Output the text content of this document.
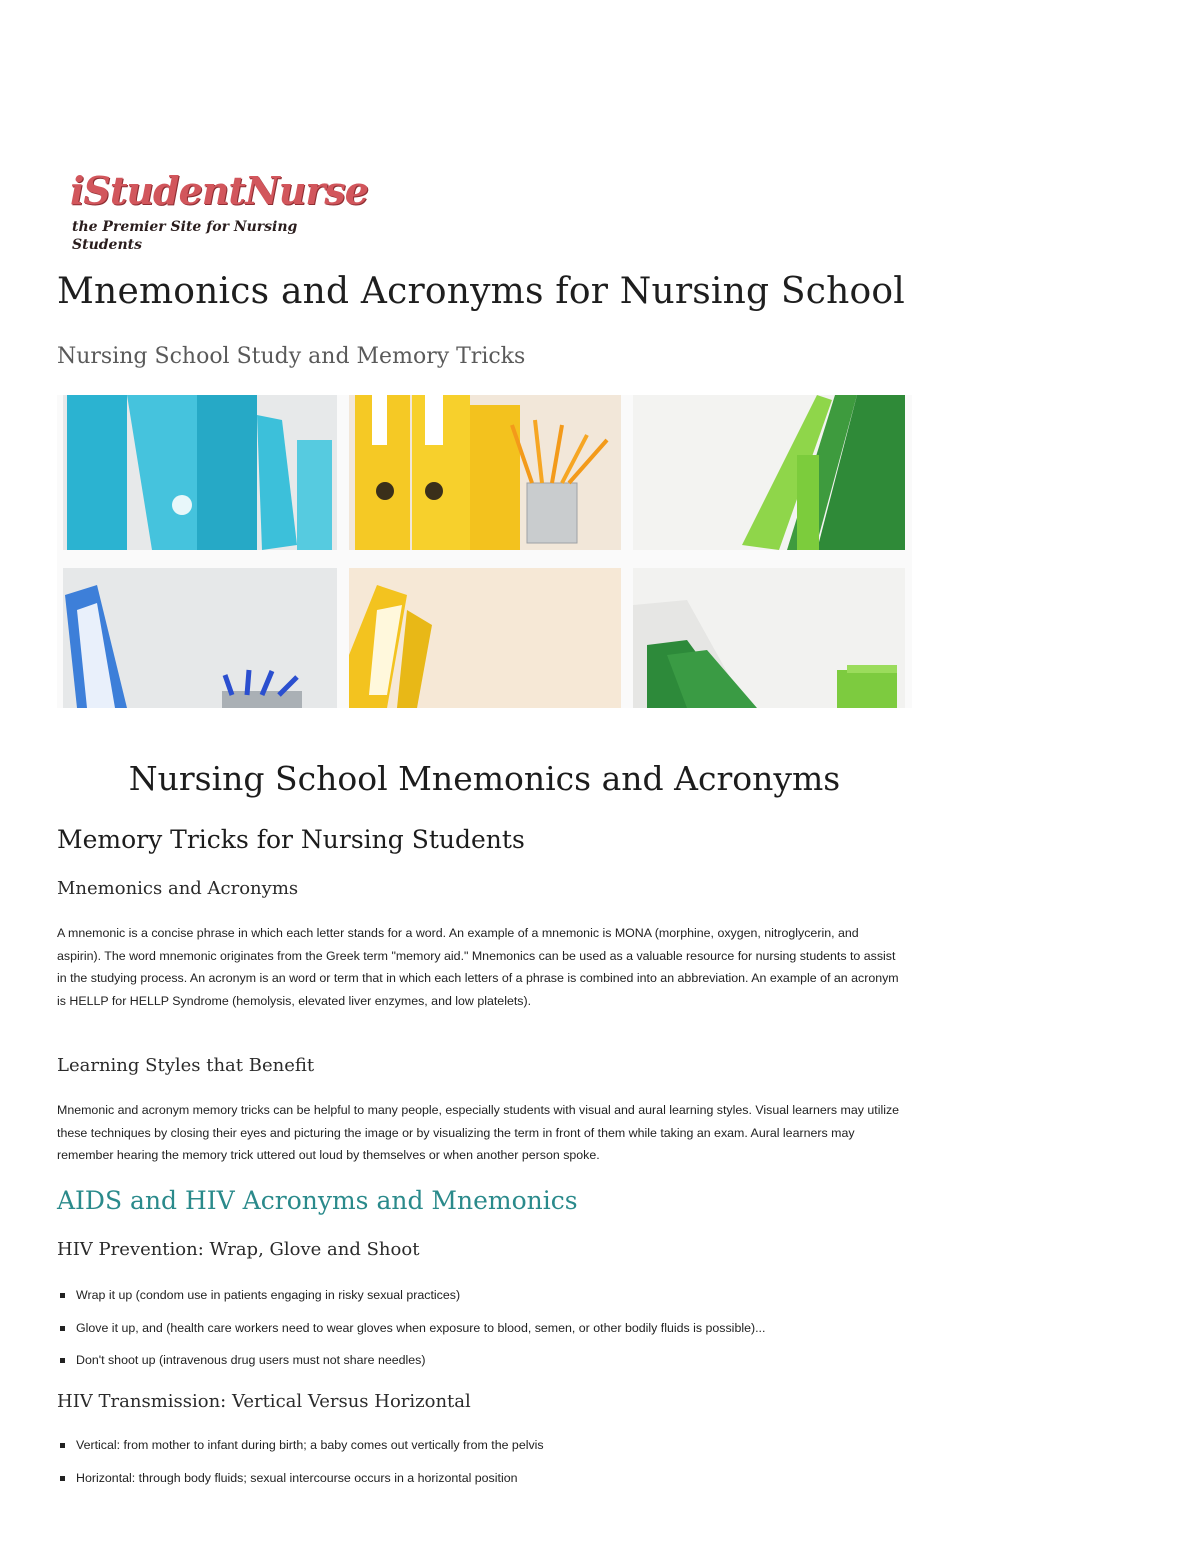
iStudentNurse
the Premier Site for Nursing Students
Mnemonics and Acronyms for Nursing School
Nursing School Study and Memory Tricks
Nursing School Mnemonics and Acronyms
Memory Tricks for Nursing Students
Mnemonics and Acronyms

A mnemonic is a concise phrase in which each letter stands for a word. An example of a mnemonic is MONA (morphine, oxygen, nitroglycerin, and aspirin). The word mnemonic originates from the Greek term "memory aid." Mnemonics can be used as a valuable resource for nursing students to assist in the studying process. An acronym is an word or term that in which each letters of a phrase is combined into an abbreviation. An example of an acronym is HELLP for HELLP Syndrome (hemolysis, elevated liver enzymes, and low platelets).

Learning Styles that Benefit

Mnemonic and acronym memory tricks can be helpful to many people, especially students with visual and aural learning styles. Visual learners may utilize these techniques by closing their eyes and picturing the image or by visualizing the term in front of them while taking an exam. Aural learners may remember hearing the memory trick uttered out loud by themselves or when another person spoke.

AIDS and HIV Acronyms and Mnemonics
HIV Prevention: Wrap, Glove and Shoot
Wrap it up (condom use in patients engaging in risky sexual practices)
Glove it up, and (health care workers need to wear gloves when exposure to blood, semen, or other bodily fluids is possible)...
Don't shoot up (intravenous drug users must not share needles)
HIV Transmission: Vertical Versus Horizontal
Vertical: from mother to infant during birth; a baby comes out vertically from the pelvis
Horizontal: through body fluids; sexual intercourse occurs in a horizontal position
